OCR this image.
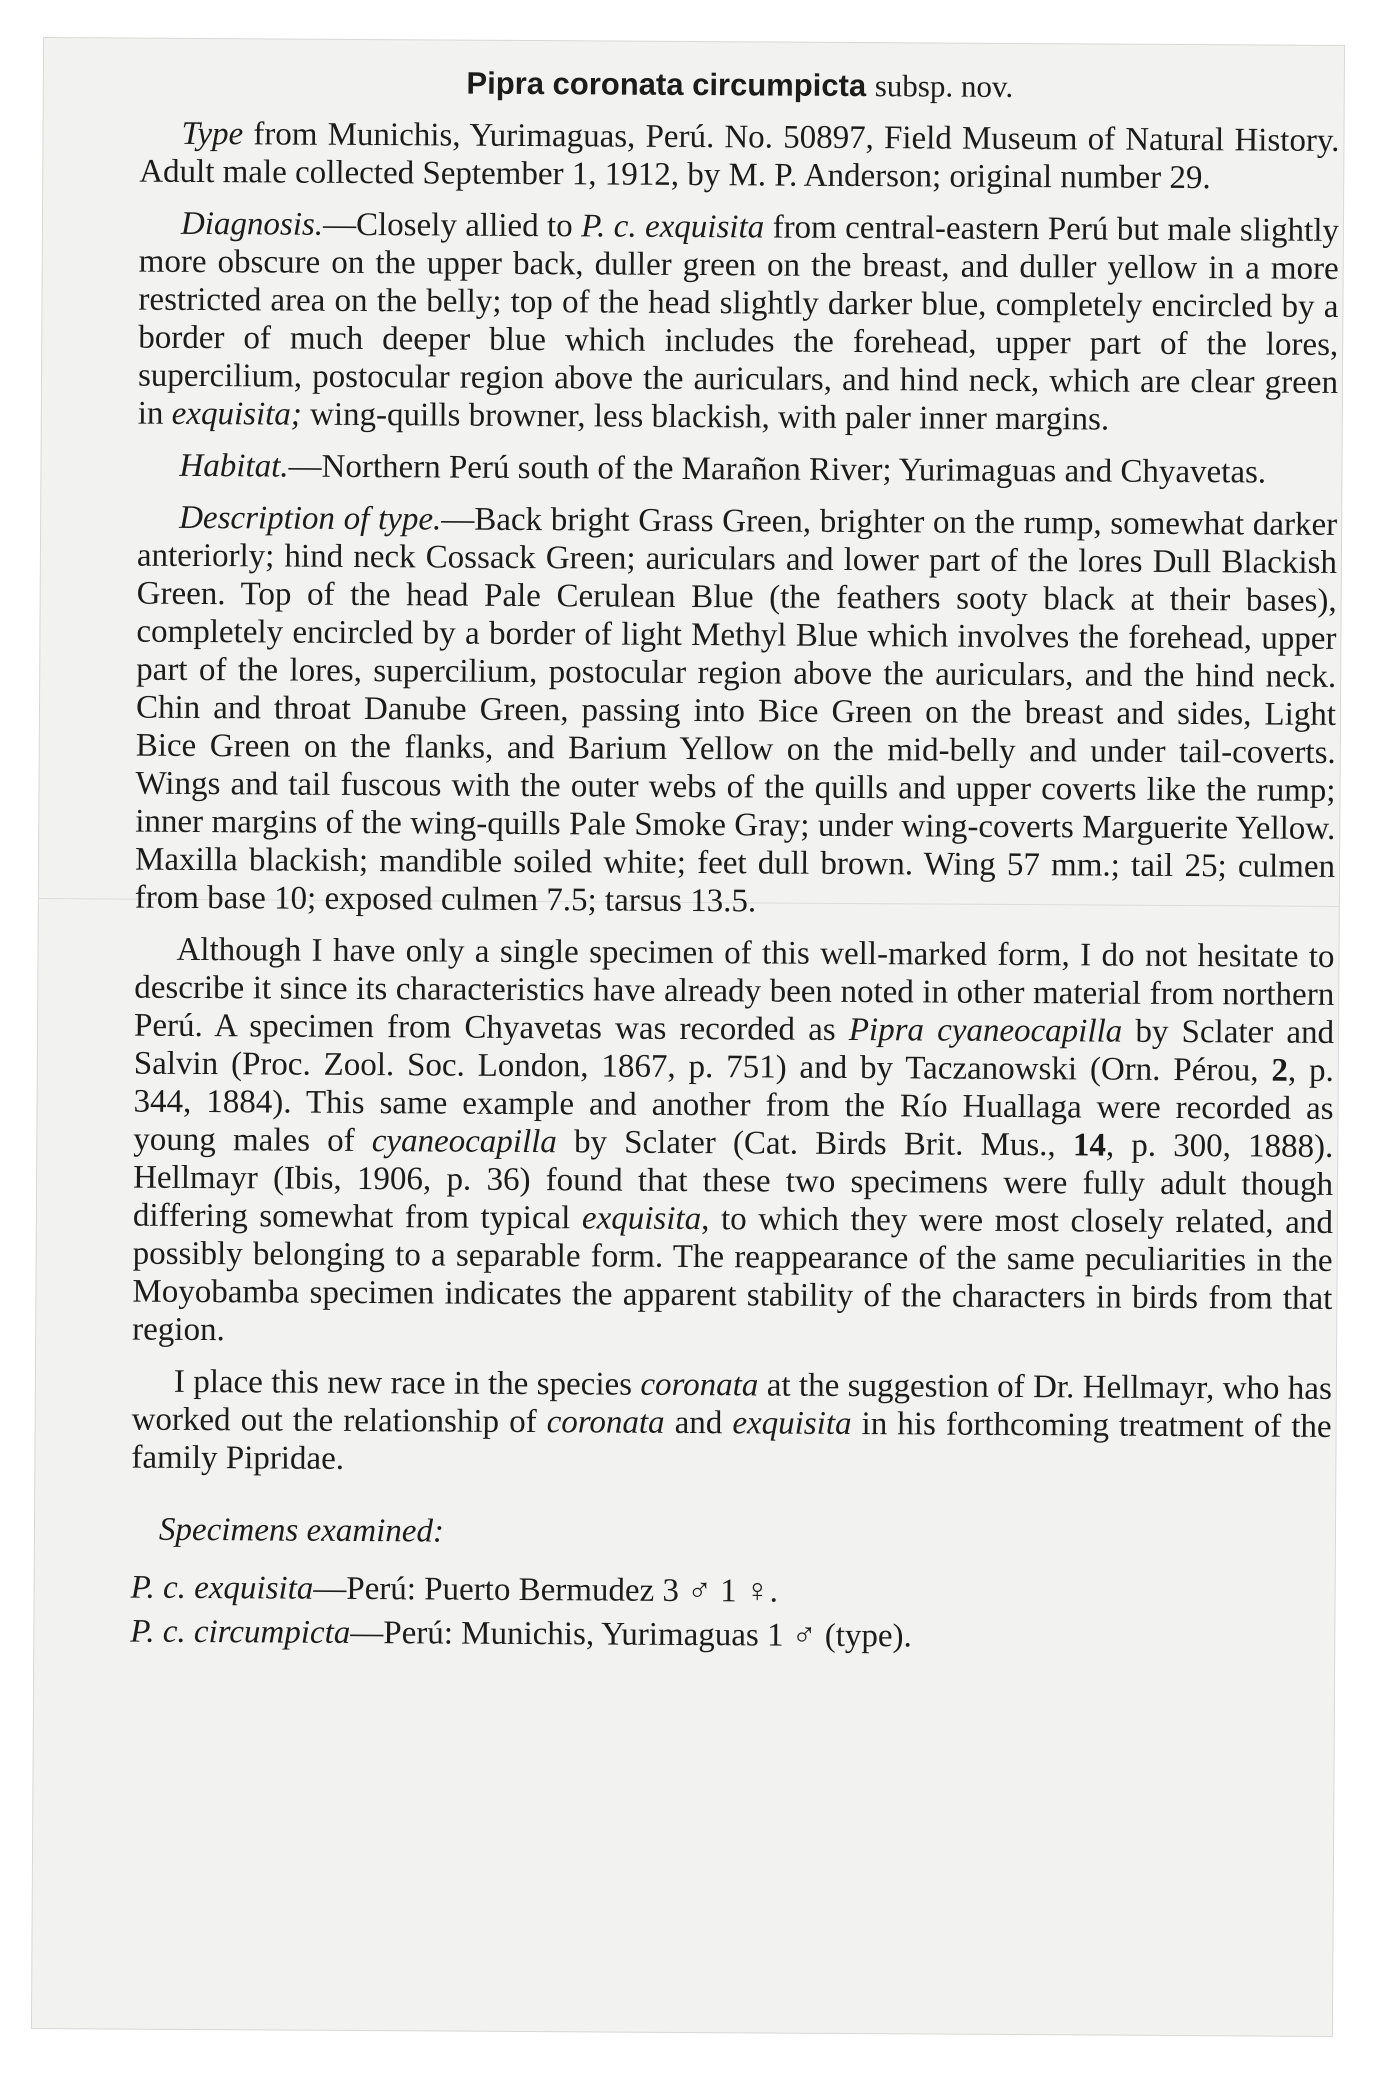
Pipra coronata circumpicta subsp. nov.

Type from Munichis, Yurimaguas, Perú. No. 50897, Field Museum of Natural History. Adult male collected September 1, 1912, by M. P. Anderson; original number 29.

Diagnosis.—Closely allied to P. c. exquisita from central-eastern Perú but male slightly more obscure on the upper back, duller green on the breast, and duller yellow in a more restricted area on the belly; top of the head slightly darker blue, completely encircled by a border of much deeper blue which includes the forehead, upper part of the lores, supercilium, postocular region above the auriculars, and hind neck, which are clear green in exquisita; wing-quills browner, less blackish, with paler inner margins.

Habitat.—Northern Perú south of the Marañon River; Yurimaguas and Chyavetas.

Description of type.—Back bright Grass Green, brighter on the rump, somewhat darker anteriorly; hind neck Cossack Green; auriculars and lower part of the lores Dull Blackish Green. Top of the head Pale Cerulean Blue (the feathers sooty black at their bases), completely encircled by a border of light Methyl Blue which involves the forehead, upper part of the lores, supercilium, postocular region above the auriculars, and the hind neck. Chin and throat Danube Green, passing into Bice Green on the breast and sides, Light Bice Green on the flanks, and Barium Yellow on the mid-belly and under tail-coverts. Wings and tail fuscous with the outer webs of the quills and upper coverts like the rump; inner margins of the wing-quills Pale Smoke Gray; under wing-coverts Marguerite Yellow. Maxilla blackish; mandible soiled white; feet dull brown. Wing 57 mm.; tail 25; culmen from base 10; exposed culmen 7.5; tarsus 13.5.

Although I have only a single specimen of this well-marked form, I do not hesitate to describe it since its characteristics have already been noted in other material from northern Perú. A specimen from Chyavetas was recorded as Pipra cyaneocapilla by Sclater and Salvin (Proc. Zool. Soc. London, 1867, p. 751) and by Taczanowski (Orn. Pérou, 2, p. 344, 1884). This same example and another from the Río Huallaga were recorded as young males of cyaneocapilla by Sclater (Cat. Birds Brit. Mus., 14, p. 300, 1888). Hellmayr (Ibis, 1906, p. 36) found that these two specimens were fully adult though differing somewhat from typical exquisita, to which they were most closely related, and possibly belonging to a separable form. The reappearance of the same peculiarities in the Moyobamba specimen indicates the apparent stability of the characters in birds from that region.

I place this new race in the species coronata at the suggestion of Dr. Hellmayr, who has worked out the relationship of coronata and exquisita in his forthcoming treatment of the family Pipridae.

Specimens examined:

P. c. exquisita—Perú: Puerto Bermudez 3 ♂ 1 ♀.

P. c. circumpicta—Perú: Munichis, Yurimaguas 1 ♂ (type).
